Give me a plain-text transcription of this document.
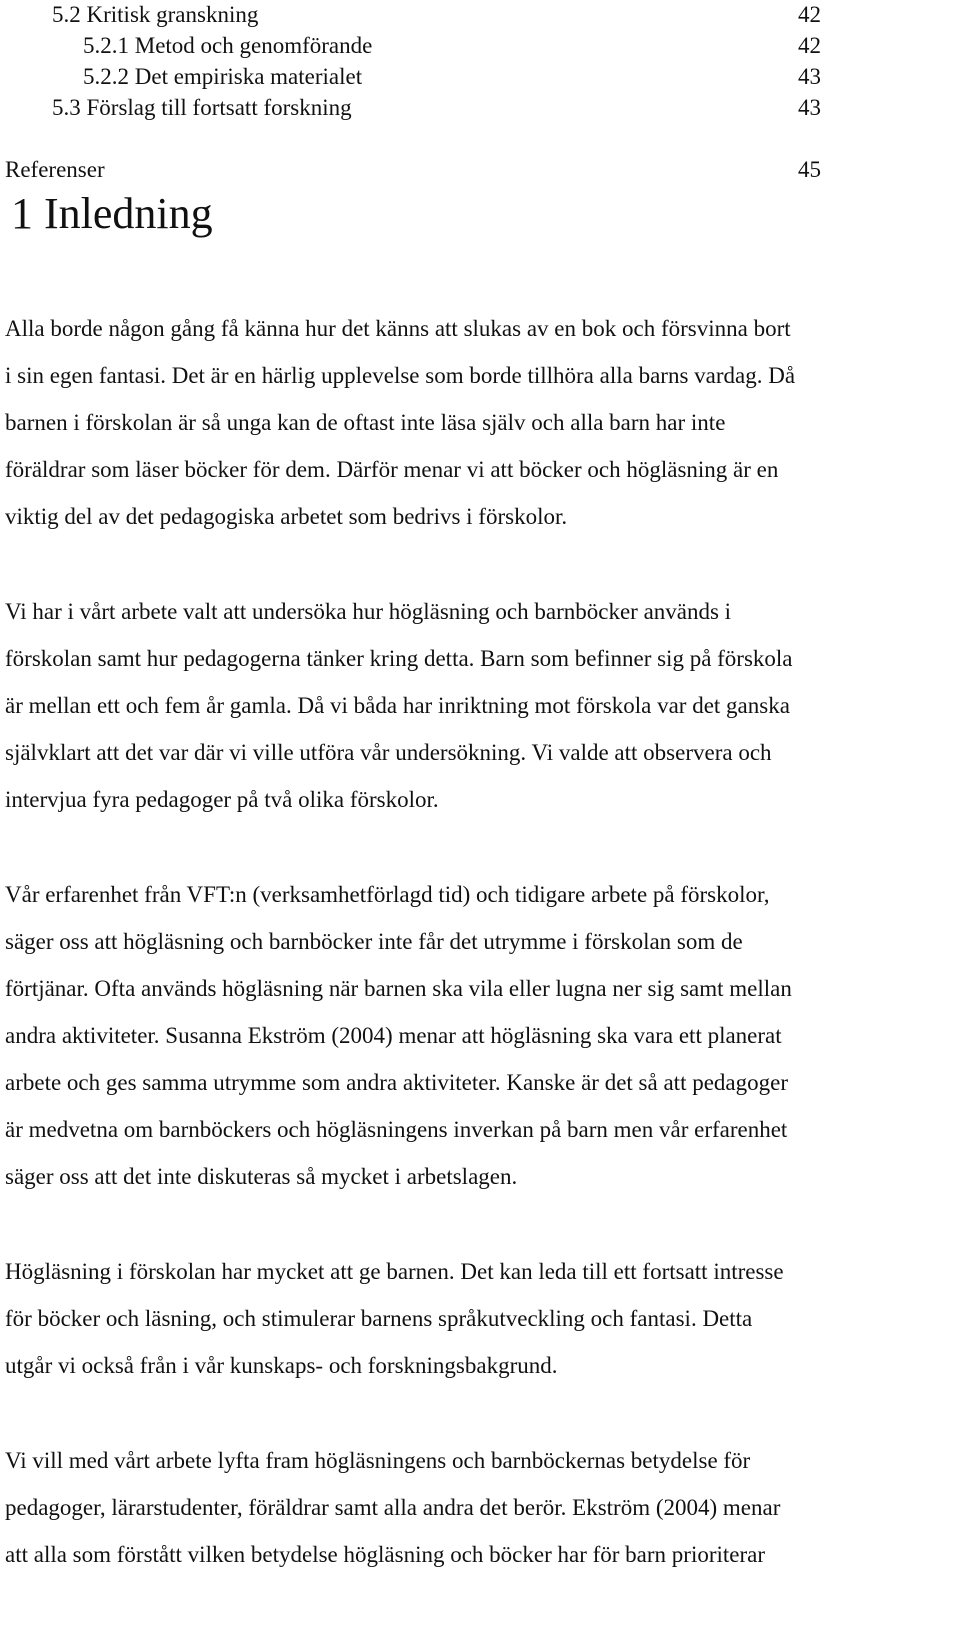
5.2 Kritisk granskning	42
5.2.1 Metod och genomförande	42
5.2.2 Det empiriska materialet	43
5.3 Förslag till fortsatt forskning	43
Referenser	45
1 Inledning

Alla borde någon gång få känna hur det känns att slukas av en bok och försvinna bort
i sin egen fantasi. Det är en härlig upplevelse som borde tillhöra alla barns vardag. Då
barnen i förskolan är så unga kan de oftast inte läsa själv och alla barn har inte
föräldrar som läser böcker för dem. Därför menar vi att böcker och högläsning är en
viktig del av det pedagogiska arbetet som bedrivs i förskolor.

Vi har i vårt arbete valt att undersöka hur högläsning och barnböcker används i
förskolan samt hur pedagogerna tänker kring detta. Barn som befinner sig på förskola
är mellan ett och fem år gamla. Då vi båda har inriktning mot förskola var det ganska
självklart att det var där vi ville utföra vår undersökning. Vi valde att observera och
intervjua fyra pedagoger på två olika förskolor.

Vår erfarenhet från VFT:n (verksamhetförlagd tid) och tidigare arbete på förskolor,
säger oss att högläsning och barnböcker inte får det utrymme i förskolan som de
förtjänar. Ofta används högläsning när barnen ska vila eller lugna ner sig samt mellan
andra aktiviteter. Susanna Ekström (2004) menar att högläsning ska vara ett planerat
arbete och ges samma utrymme som andra aktiviteter. Kanske är det så att pedagoger
är medvetna om barnböckers och högläsningens inverkan på barn men vår erfarenhet
säger oss att det inte diskuteras så mycket i arbetslagen.

Högläsning i förskolan har mycket att ge barnen. Det kan leda till ett fortsatt intresse
för böcker och läsning, och stimulerar barnens språkutveckling och fantasi. Detta
utgår vi också från i vår kunskaps- och forskningsbakgrund.

Vi vill med vårt arbete lyfta fram högläsningens och barnböckernas betydelse för
pedagoger, lärarstudenter, föräldrar samt alla andra det berör. Ekström (2004) menar
att alla som förstått vilken betydelse högläsning och böcker har för barn prioriterar
